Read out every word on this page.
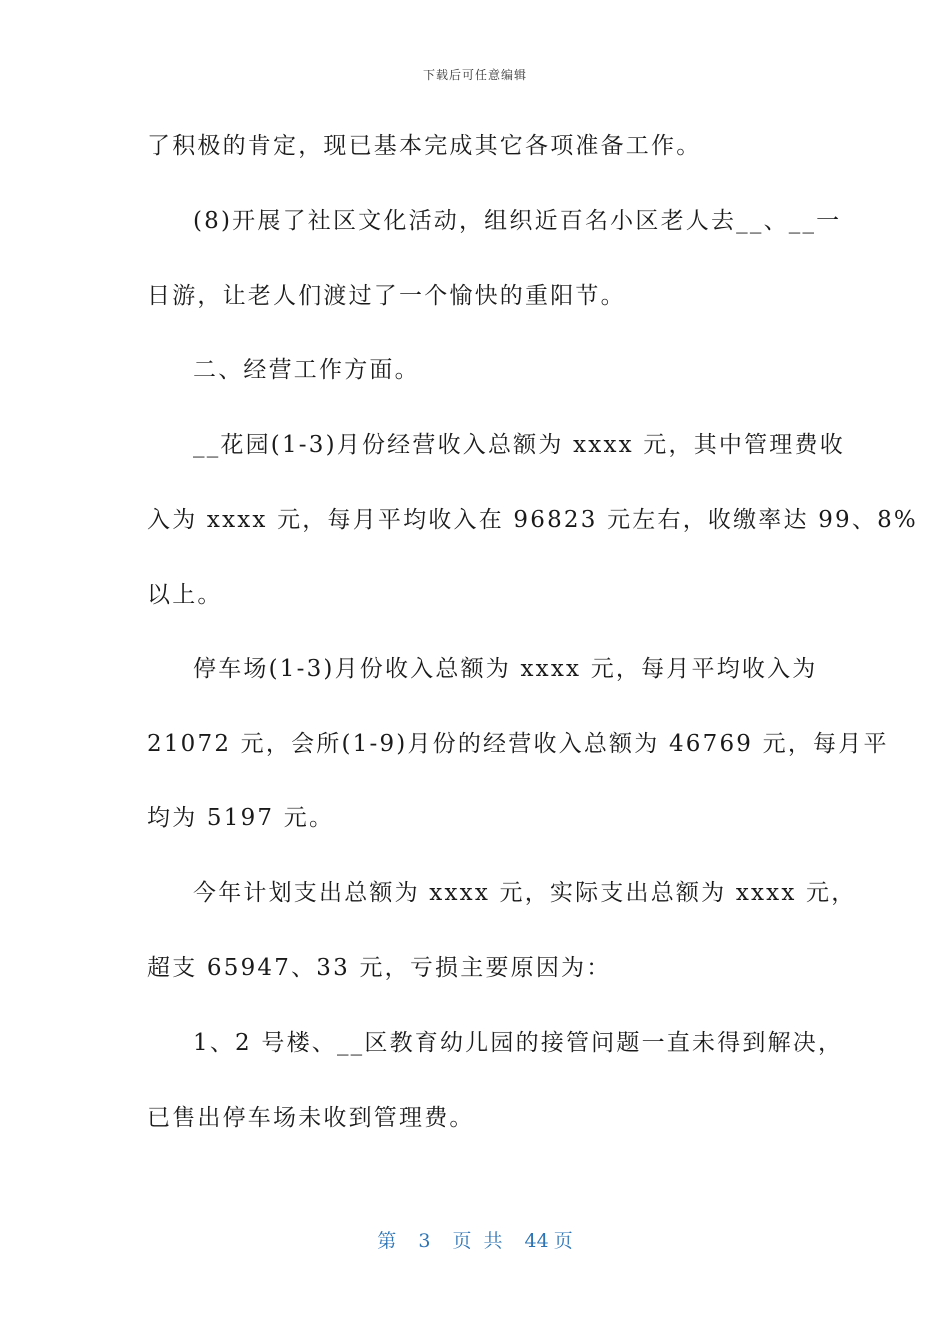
下载后可任意编辑
了积极的肯定，现已基本完成其它各项准备工作。
(8)开展了社区文化活动，组织近百名小区老人去__、__一
日游，让老人们渡过了一个愉快的重阳节。
二、经营工作方面。
__花园(1-3)月份经营收入总额为 xxxx 元，其中管理费收
入为 xxxx 元，每月平均收入在 96823 元左右，收缴率达 99、8%
以上。
停车场(1-3)月份收入总额为 xxxx 元，每月平均收入为
21072 元，会所(1-9)月份的经营收入总额为 46769 元，每月平
均为 5197 元。
今年计划支出总额为 xxxx 元，实际支出总额为 xxxx 元，
超支 65947、33 元，亏损主要原因为：
1、2 号楼、__区教育幼儿园的接管问题一直未得到解决，
已售出停车场未收到管理费。
第 3 页 共 44 页
